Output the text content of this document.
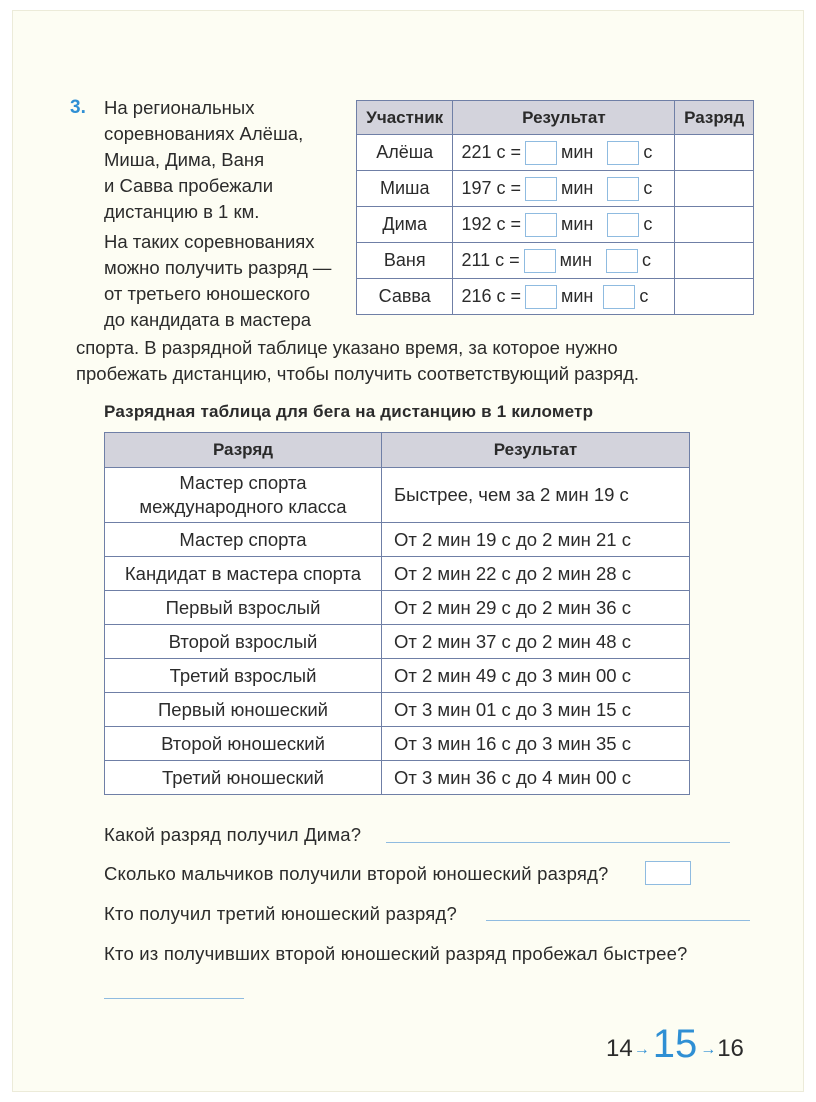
3. На региональных
соревнованиях Алёша,
Миша, Дима, Ваня
и Савва пробежали
дистанцию в 1 км.
На таких соревнованиях
можно получить разряд —
от третьего юношеского
до кандидата в мастера
спорта. В разрядной таблице указано время, за которое нужно
пробежать дистанцию, чтобы получить соответствующий разряд.
Участник	Результат	Разряд
Алёша	221 с = мин с	

Миша	197 с = мин с	

Дима	192 с = мин с	

Ваня	211 с = мин с	

Савва	216 с = мин с	

Разрядная таблица для бега на дистанцию в 1 километр
Разряд	Результат

Мастер спорта
международного класса	Быстрее, чем за 2 мин 19 с
Мастер спорта	От 2 мин 19 с до 2 мин 21 с
Кандидат в мастера спорта	От 2 мин 22 с до 2 мин 28 с
Первый взрослый	От 2 мин 29 с до 2 мин 36 с
Второй взрослый	От 2 мин 37 с до 2 мин 48 с
Третий взрослый	От 2 мин 49 с до 3 мин 00 с
Первый юношеский	От 3 мин 01 с до 3 мин 15 с
Второй юношеский	От 3 мин 16 с до 3 мин 35 с
Третий юношеский	От 3 мин 36 с до 4 мин 00 с
Какой разряд получил Дима?
Сколько мальчиков получили второй юношеский разряд?
Кто получил третий юношеский разряд?
Кто из получивших второй юношеский разряд пробежал быстрее?
14 → 15 → 16
